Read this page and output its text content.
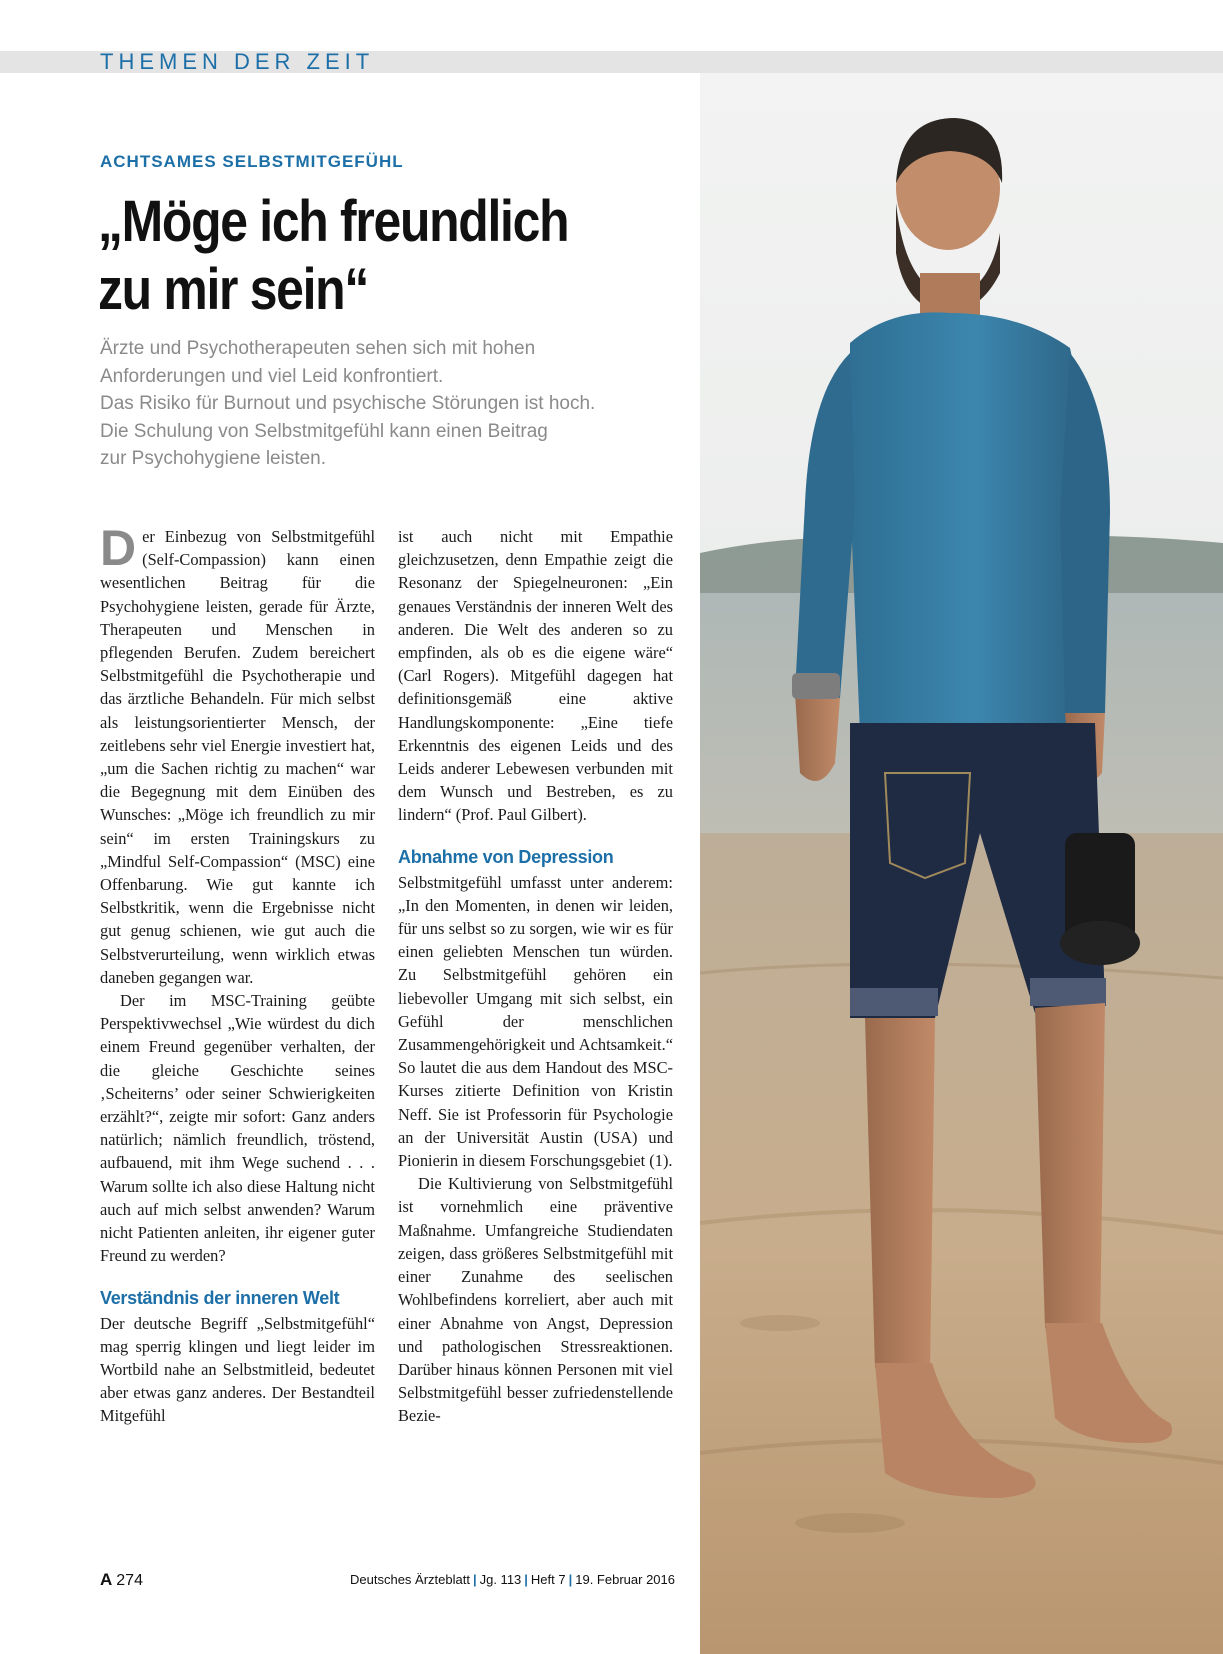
THEMEN DER ZEIT
ACHTSAMES SELBSTMITGEFÜHL
„Möge ich freundlich
zu mir sein“
Ärzte und Psychotherapeuten sehen sich mit hohen
Anforderungen und viel Leid konfrontiert.
Das Risiko für Burnout und psychische Störungen ist hoch.
Die Schulung von Selbstmitgefühl kann einen Beitrag
zur Psychohygiene leisten.

Der Einbezug von Selbstmitgefühl (Self-Compassion) kann einen wesentlichen Beitrag für die Psychohygiene leisten, gerade für Ärzte, Therapeuten und Menschen in pflegenden Berufen. Zudem bereichert Selbstmitgefühl die Psychotherapie und das ärztliche Behandeln. Für mich selbst als leistungsorientierter Mensch, der zeitlebens sehr viel Energie investiert hat, „um die Sachen richtig zu machen“ war die Begegnung mit dem Einüben des Wunsches: „Möge ich freundlich zu mir sein“ im ersten Trainingskurs zu „Mindful Self-Compassion“ (MSC) eine Offenbarung. Wie gut kannte ich Selbstkritik, wenn die Ergebnisse nicht gut genug schienen, wie gut auch die Selbstverurteilung, wenn wirklich etwas daneben gegangen war.

Der im MSC-Training geübte Perspektivwechsel „Wie würdest du dich einem Freund gegenüber verhalten, der die gleiche Geschichte seines ‚Scheiterns’ oder seiner Schwierigkeiten erzählt?“, zeigte mir sofort: Ganz anders natürlich; nämlich freundlich, tröstend, aufbauend, mit ihm Wege suchend . . . Warum sollte ich also diese Haltung nicht auch auf mich selbst anwenden? Warum nicht Patienten anleiten, ihr eigener guter Freund zu werden?

Verständnis der inneren Welt

Der deutsche Begriff „Selbstmitgefühl“ mag sperrig klingen und liegt leider im Wortbild nahe an Selbstmitleid, bedeutet aber etwas ganz anderes. Der Bestandteil Mitgefühl

ist auch nicht mit Empathie gleichzusetzen, denn Empathie zeigt die Resonanz der Spiegelneuronen: „Ein genaues Verständnis der inneren Welt des anderen. Die Welt des anderen so zu empfinden, als ob es die eigene wäre“ (Carl Rogers). Mitgefühl dagegen hat definitionsgemäß eine aktive Handlungskomponente: „Eine tiefe Erkenntnis des eigenen Leids und des Leids anderer Lebewesen verbunden mit dem Wunsch und Bestreben, es zu lindern“ (Prof. Paul Gilbert).

Abnahme von Depression

Selbstmitgefühl umfasst unter anderem: „In den Momenten, in denen wir leiden, für uns selbst so zu sorgen, wie wir es für einen geliebten Menschen tun würden. Zu Selbstmitgefühl gehören ein liebevoller Umgang mit sich selbst, ein Gefühl der menschlichen Zusammengehörigkeit und Achtsamkeit.“ So lautet die aus dem Handout des MSC-Kurses zitierte Definition von Kristin Neff. Sie ist Professorin für Psychologie an der Universität Austin (USA) und Pionierin in diesem Forschungsgebiet (1).

Die Kultivierung von Selbstmitgefühl ist vornehmlich eine präventive Maßnahme. Umfangreiche Studiendaten zeigen, dass größeres Selbstmitgefühl mit einer Zunahme des seelischen Wohlbefindens korreliert, aber auch mit einer Abnahme von Angst, Depression und pathologischen Stressreaktionen. Darüber hinaus können Personen mit viel Selbstmitgefühl besser zufriedenstellende Bezie-

A 274	Deutsches Ärzteblatt | Jg. 113 | Heft 7 | 19. Februar 2016
